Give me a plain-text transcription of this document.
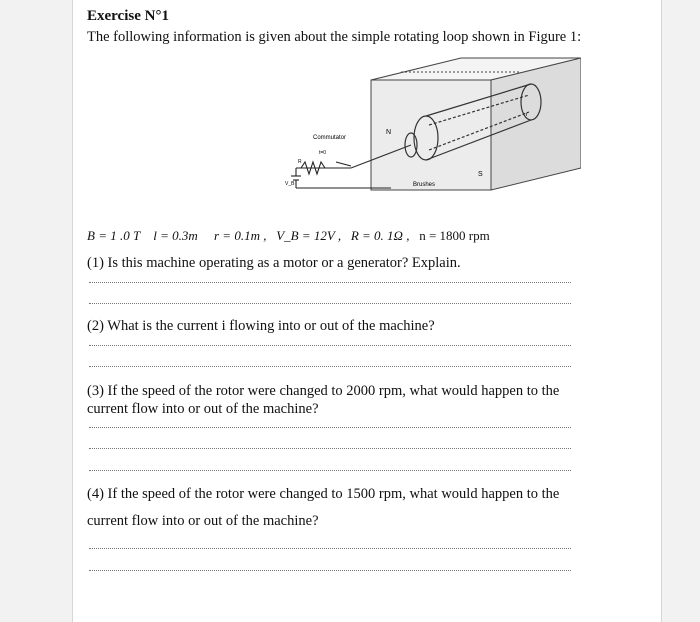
Exercise N°1
The following information is given about the simple rotating loop shown in Figure 1:
Commutator
Brushes
N
S
t=0
R
V_B
r
B = 1 .0 T l = 0.3m r = 0.1m , V_B = 12V , R = 0. 1Ω , n = 1800 rpm
(1) Is this machine operating as a motor or a generator? Explain.
(2) What is the current i flowing into or out of the machine?
(3) If the speed of the rotor were changed to 2000 rpm, what would happen to the
current flow into or out of the machine?
(4) If the speed of the rotor were changed to 1500 rpm, what would happen to the
current flow into or out of the machine?
